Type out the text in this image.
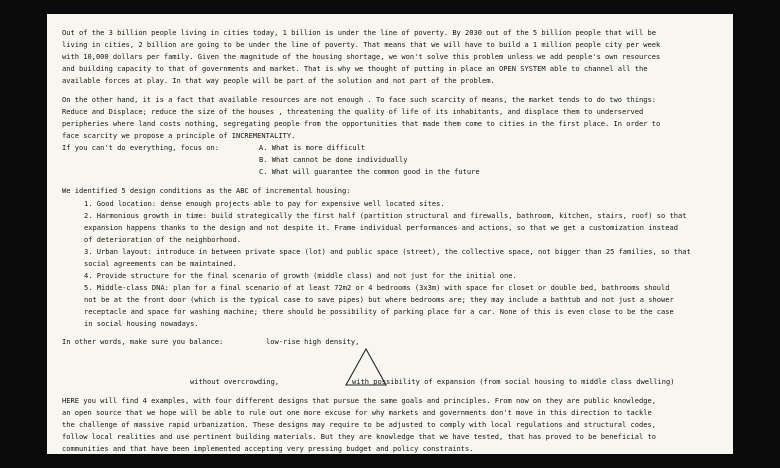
Out of the 3 billion people living in cities today, 1 billion is under the line of poverty. By 2030 out of the 5 billion people that will be
living in cities, 2 billion are going to be under the line of poverty. That means that we will have to build a 1 million people city per week
with 10,000 dollars per family. Given the magnitude of the housing shortage, we won't solve this problem unless we add people's own resources
and building capacity to that of governments and market. That is why we thought of putting in place an OPEN SYSTEM able to channel all the
available forces at play. In that way people will be part of the solution and not part of the problem.
On the other hand, it is a fact that available resources are not enough . To face such scarcity of means, the market tends to do two things:
Reduce and Displace; reduce the size of the houses , threatening the quality of life of its inhabitants, and displace them to underserved
peripheries where land costs nothing, segregating people from the opportunities that made them come to cities in the first place. In order to
face scarcity we propose a principle of INCREMENTALITY.
If you can't do everything, focus on:	A. What is more difficult
B. What cannot be done individually
C. What will guarantee the common good in the future
We identified 5 design conditions as the ABC of incremental housing:
1. Good location: dense enough projects able to pay for expensive well located sites.
2. Harmonious growth in time: build strategically the first half (partition structural and firewalls, bathroom, kitchen, stairs, roof) so that
expansion happens thanks to the design and not despite it. Frame individual performances and actions, so that we get a customization instead
of deterioration of the neighborhood.
3. Urban layout: introduce in between private space (lot) and public space (street), the collective space, not bigger than 25 families, so that
social agreements can be maintained.
4. Provide structure for the final scenario of growth (middle class) and not just for the initial one.
5. Middle-class DNA: plan for a final scenario of at least 72m2 or 4 bedrooms (3x3m) with space for closet or double bed, bathrooms should
not be at the front door (which is the typical case to save pipes) but where bedrooms are; they may include a bathtub and not just a shower
receptacle and space for washing machine; there should be possibility of parking place for a car. None of this is even close to be the case
in social housing nowadays.
In other words, make sure you balance:	low-rise high density,
without overcrowding,	with possibility of expansion (from social housing to middle class dwelling)
HERE you will find 4 examples, with four different designs that pursue the same goals and principles. From now on they are public knowledge,
an open source that we hope will be able to rule out one more excuse for why markets and governments don't move in this direction to tackle
the challenge of massive rapid urbanization. These designs may require to be adjusted to comply with local regulations and structural codes,
follow local realities and use pertinent building materials. But they are knowledge that we have tested, that has proved to be beneficial to
communities and that have been implemented accepting very pressing budget and policy constraints.
